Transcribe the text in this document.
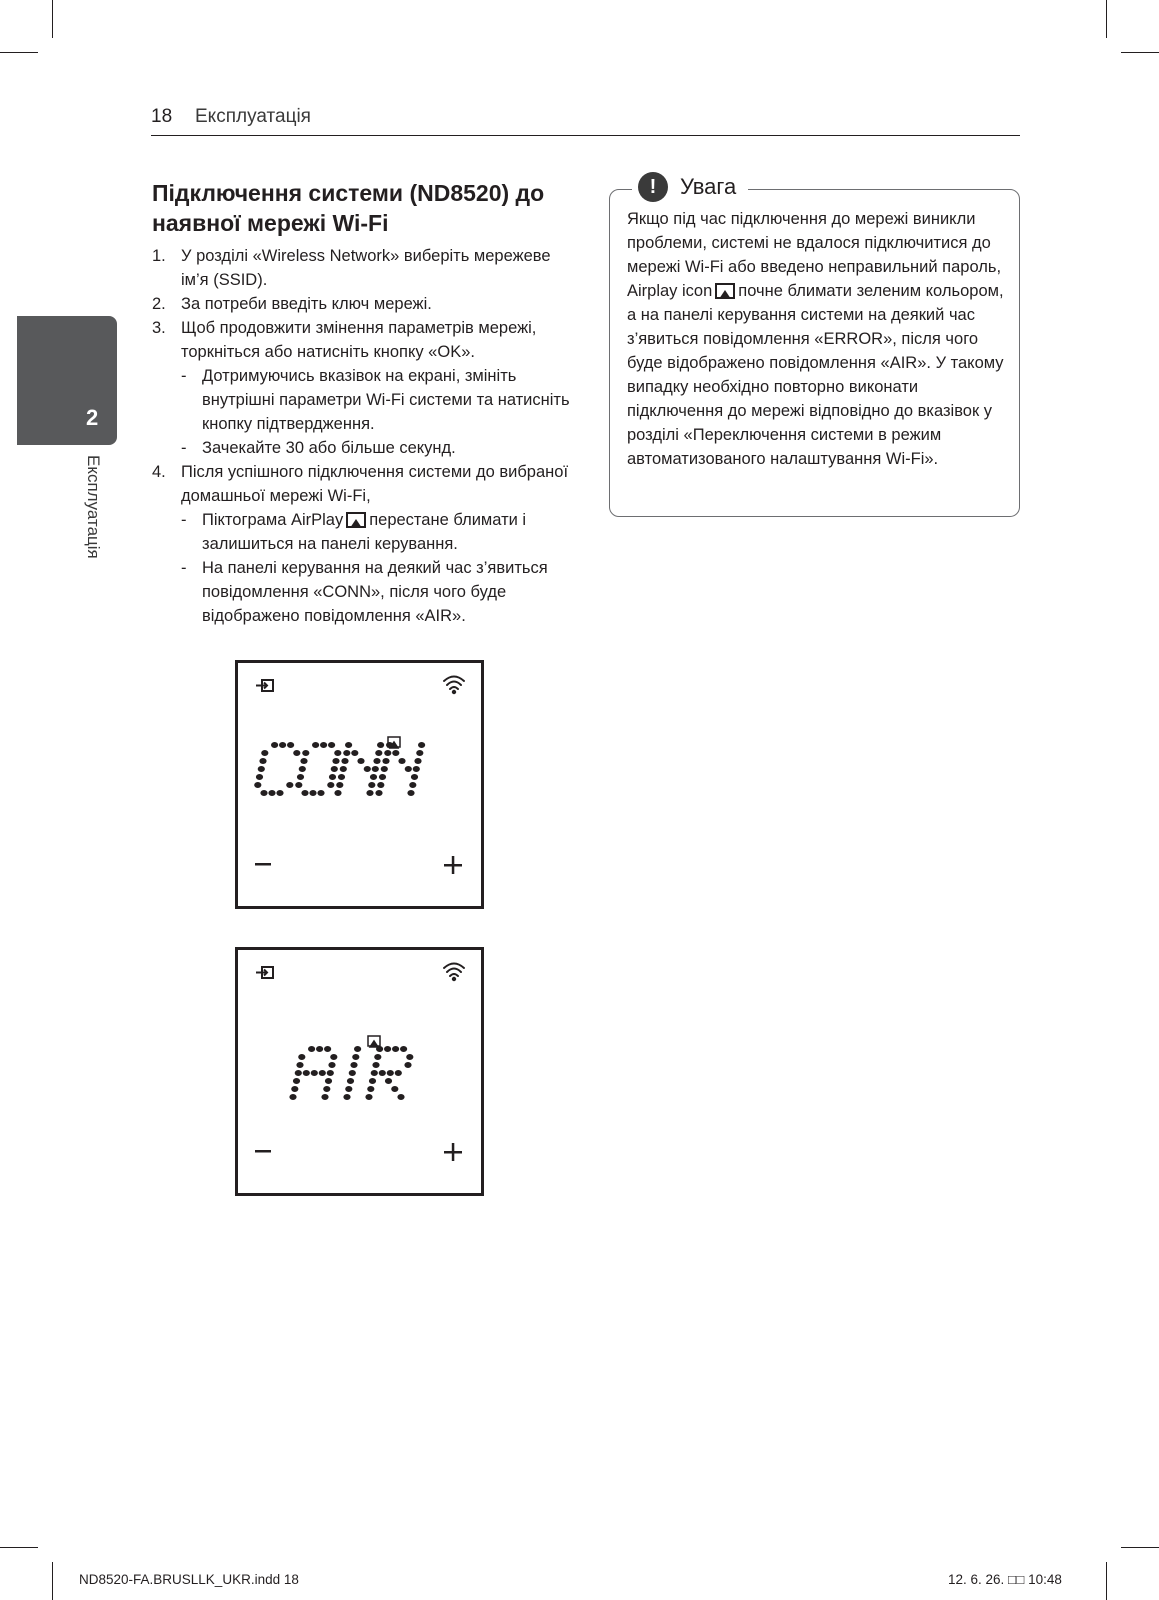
18 Експлуатація
2
Експлуатація
Підключення системи (ND8520) до наявної мережі Wi-Fi
1. У розділі «Wireless Network» виберіть мережеве ім’я (SSID).
2. За потреби введіть ключ мережі.
3. Щоб продовжити змінення параметрів мережі, торкніться або натисніть кнопку «OK».
- Дотримуючись вказівок на екрані, змініть внутрішні параметри Wi-Fi системи та натисніть кнопку підтвердження.
- Зачекайте 30 або більше секунд.
4. Після успішного підключення системи до вибраної домашньої мережі Wi-Fi,
- Піктограма AirPlay перестане блимати і залишиться на панелі керування.
- На панелі керування на деякий час з’явиться повідомлення «CONN», після чого буде відображено повідомлення «AIR».
!	Увага
Якщо під час підключення до мережі виникли проблеми, системі не вдалося підключитися до мережі Wi-Fi або введено неправильний пароль, Airplay icon почне блимати зеленим кольором, а на панелі керування системи на деякий час з’явиться повідомлення «ERROR», після чого буде відображено повідомлення «AIR». У такому випадку необхідно повторно виконати підключення до мережі відповідно до вказівок у розділі «Переключення системи в режим автоматизованого налаштування Wi-Fi».
ND8520-FA.BRUSLLK_UKR.indd 18	12. 6. 26. □□ 10:48
